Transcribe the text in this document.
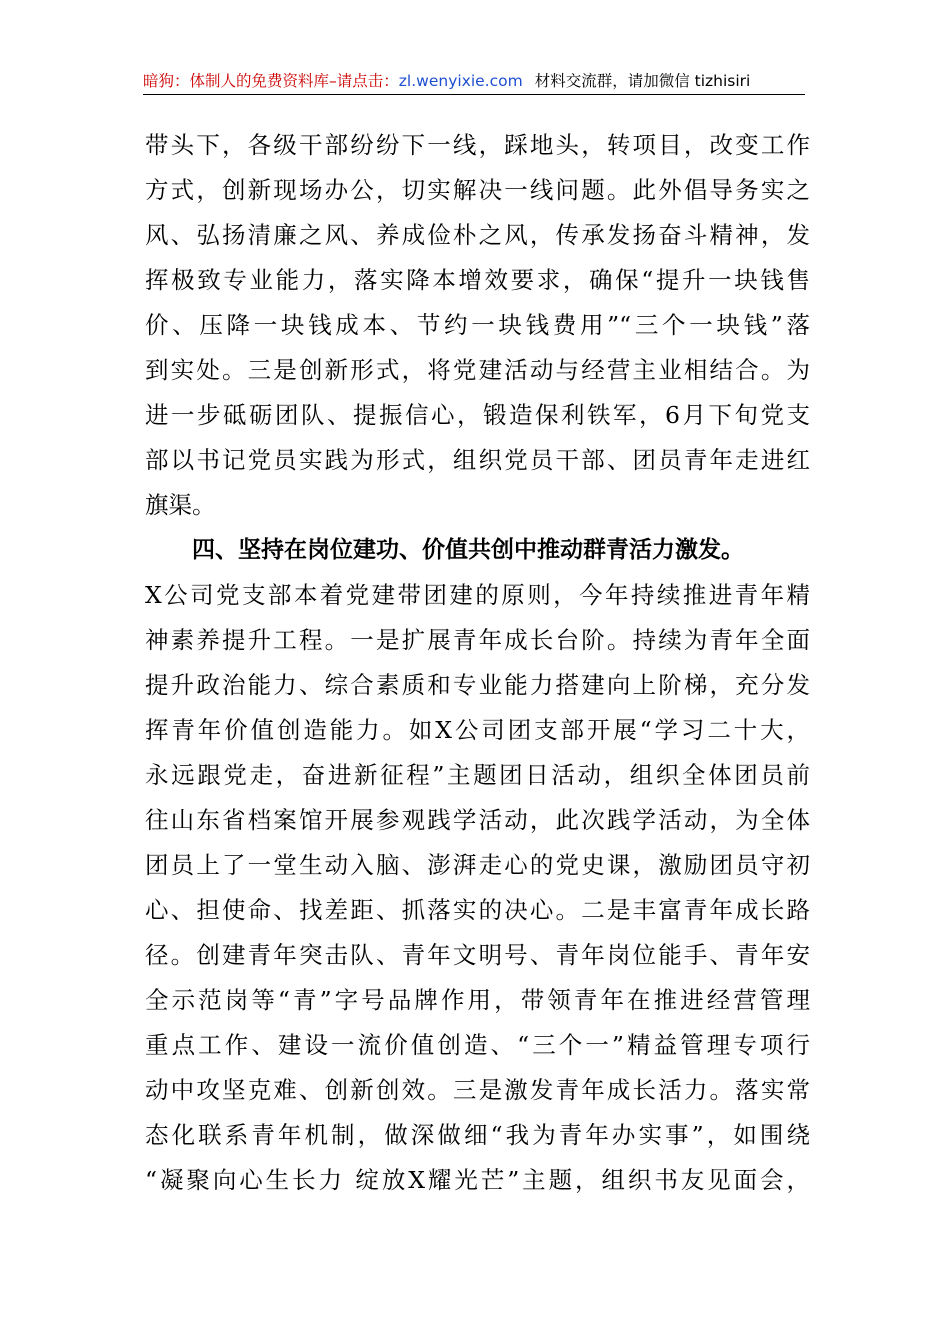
暗狗：体制人的免费资料库–请点击：zl.wenyixie.com 材料交流群，请加微信 tizhisiri
带头下，各级干部纷纷下一线，踩地头，转项目，改变工作
方式，创新现场办公，切实解决一线问题。此外倡导务实之
风、弘扬清廉之风、养成俭朴之风，传承发扬奋斗精神，发
挥极致专业能力，落实降本增效要求，确保“提升一块钱售
价、压降一块钱成本、节约一块钱费用”“三个一块钱”落
到实处。三是创新形式，将党建活动与经营主业相结合。为
进一步砥砺团队、提振信心，锻造保利铁军，6月下旬党支
部以书记党员实践为形式，组织党员干部、团员青年走进红
旗渠。
四、坚持在岗位建功、价值共创中推动群青活力激发。
X公司党支部本着党建带团建的原则，今年持续推进青年精
神素养提升工程。一是扩展青年成长台阶。持续为青年全面
提升政治能力、综合素质和专业能力搭建向上阶梯，充分发
挥青年价值创造能力。如X公司团支部开展“学习二十大，
永远跟党走，奋进新征程”主题团日活动，组织全体团员前
往山东省档案馆开展参观践学活动，此次践学活动，为全体
团员上了一堂生动入脑、澎湃走心的党史课，激励团员守初
心、担使命、找差距、抓落实的决心。二是丰富青年成长路
径。创建青年突击队、青年文明号、青年岗位能手、青年安
全示范岗等“青”字号品牌作用，带领青年在推进经营管理
重点工作、建设一流价值创造、“三个一”精益管理专项行
动中攻坚克难、创新创效。三是激发青年成长活力。落实常
态化联系青年机制，做深做细“我为青年办实事”，如围绕
“凝聚向心生长力 绽放X耀光芒”主题，组织书友见面会，
